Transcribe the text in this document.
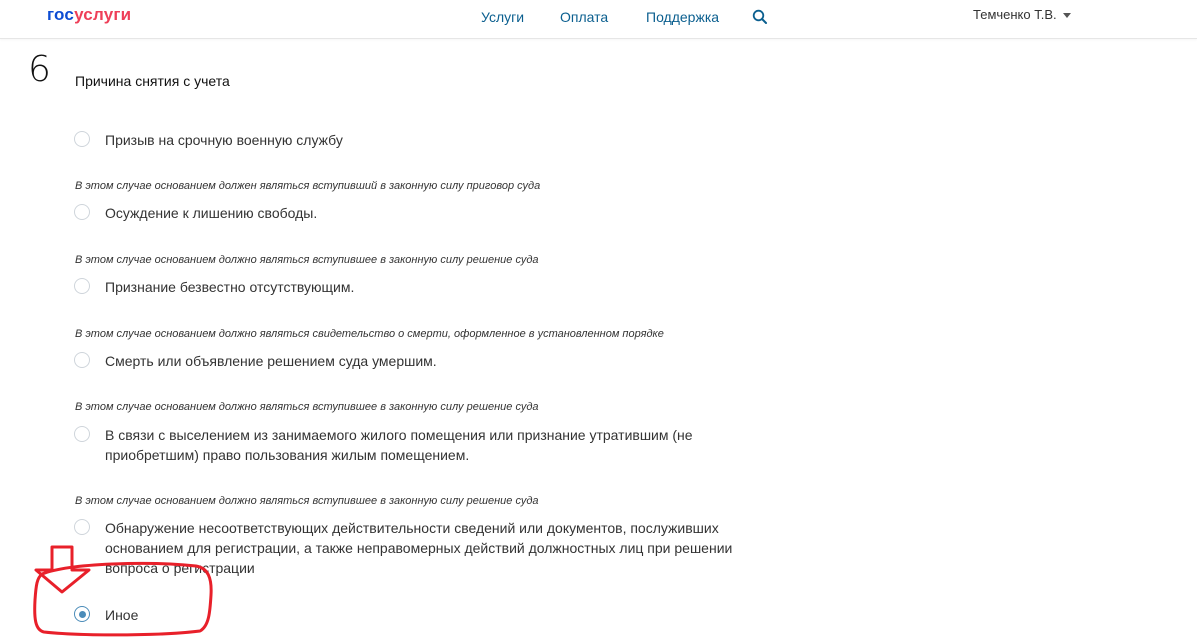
госуслуги	Услуги	Оплата	Поддержка	Темченко Т.В.
6 Причина снятия с учета
Призыв на срочную военную службу
В этом случае основанием должен являться вступивший в законную силу приговор суда
Осуждение к лишению свободы.
В этом случае основанием должно являться вступившее в законную силу решение суда
Признание безвестно отсутствующим.
В этом случае основанием должно являться свидетельство о смерти, оформленное в установленном порядке
Смерть или объявление решением суда умершим.
В этом случае основанием должно являться вступившее в законную силу решение суда
В связи с выселением из занимаемого жилого помещения или признание утратившим (не приобретшим) право пользования жилым помещением.
В этом случае основанием должно являться вступившее в законную силу решение суда
Обнаружение несоответствующих действительности сведений или документов, послуживших основанием для регистрации, а также неправомерных действий должностных лиц при решении вопроса о регистрации
Иное
